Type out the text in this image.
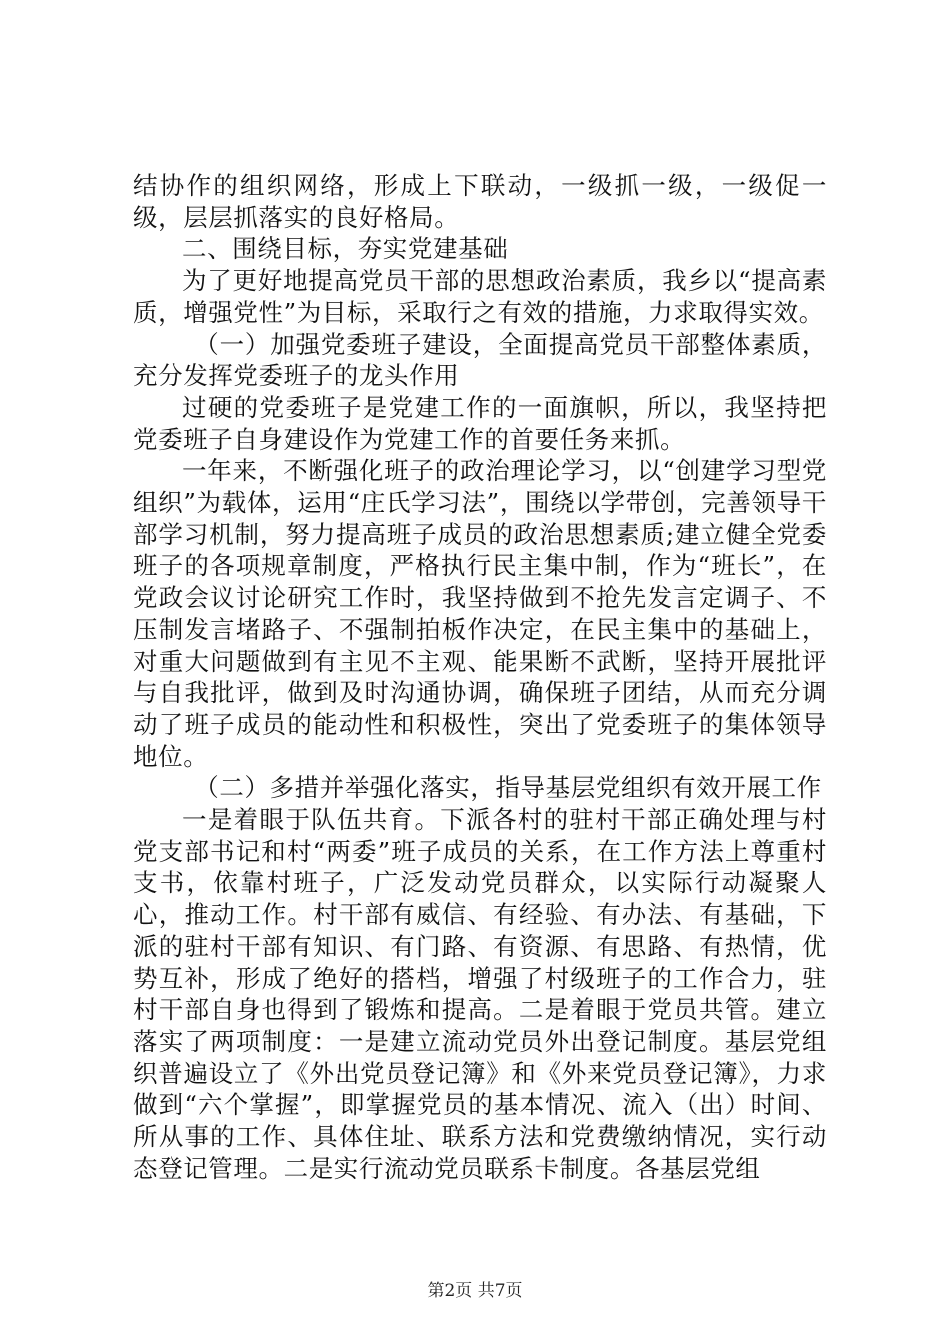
结协作的组织网络，形成上下联动，一级抓一级，一级促一级，层层抓落实的良好格局。

二、围绕目标，夯实党建基础

为了更好地提高党员干部的思想政治素质，我乡以“提高素质，增强党性”为目标，采取行之有效的措施，力求取得实效。

（一）加强党委班子建设，全面提高党员干部整体素质，充分发挥党委班子的龙头作用

过硬的党委班子是党建工作的一面旗帜，所以，我坚持把党委班子自身建设作为党建工作的首要任务来抓。

一年来，不断强化班子的政治理论学习，以“创建学习型党组织”为载体，运用“庄氏学习法”，围绕以学带创，完善领导干部学习机制，努力提高班子成员的政治思想素质;建立健全党委班子的各项规章制度，严格执行民主集中制，作为“班长”，在党政会议讨论研究工作时，我坚持做到不抢先发言定调子、不压制发言堵路子、不强制拍板作决定，在民主集中的基础上，对重大问题做到有主见不主观、能果断不武断，坚持开展批评与自我批评，做到及时沟通协调，确保班子团结，从而充分调动了班子成员的能动性和积极性，突出了党委班子的集体领导地位。

（二）多措并举强化落实，指导基层党组织有效开展工作

一是着眼于队伍共育。下派各村的驻村干部正确处理与村党支部书记和村“两委”班子成员的关系，在工作方法上尊重村支书，依靠村班子，广泛发动党员群众，以实际行动凝聚人心，推动工作。村干部有威信、有经验、有办法、有基础，下派的驻村干部有知识、有门路、有资源、有思路、有热情，优势互补，形成了绝好的搭档，增强了村级班子的工作合力，驻村干部自身也得到了锻炼和提高。二是着眼于党员共管。建立落实了两项制度：一是建立流动党员外出登记制度。基层党组织普遍设立了《外出党员登记簿》和《外来党员登记簿》，力求做到“六个掌握”，即掌握党员的基本情况、流入（出）时间、所从事的工作、具体住址、联系方法和党费缴纳情况，实行动态登记管理。二是实行流动党员联系卡制度。各基层党组

第2页 共7页
